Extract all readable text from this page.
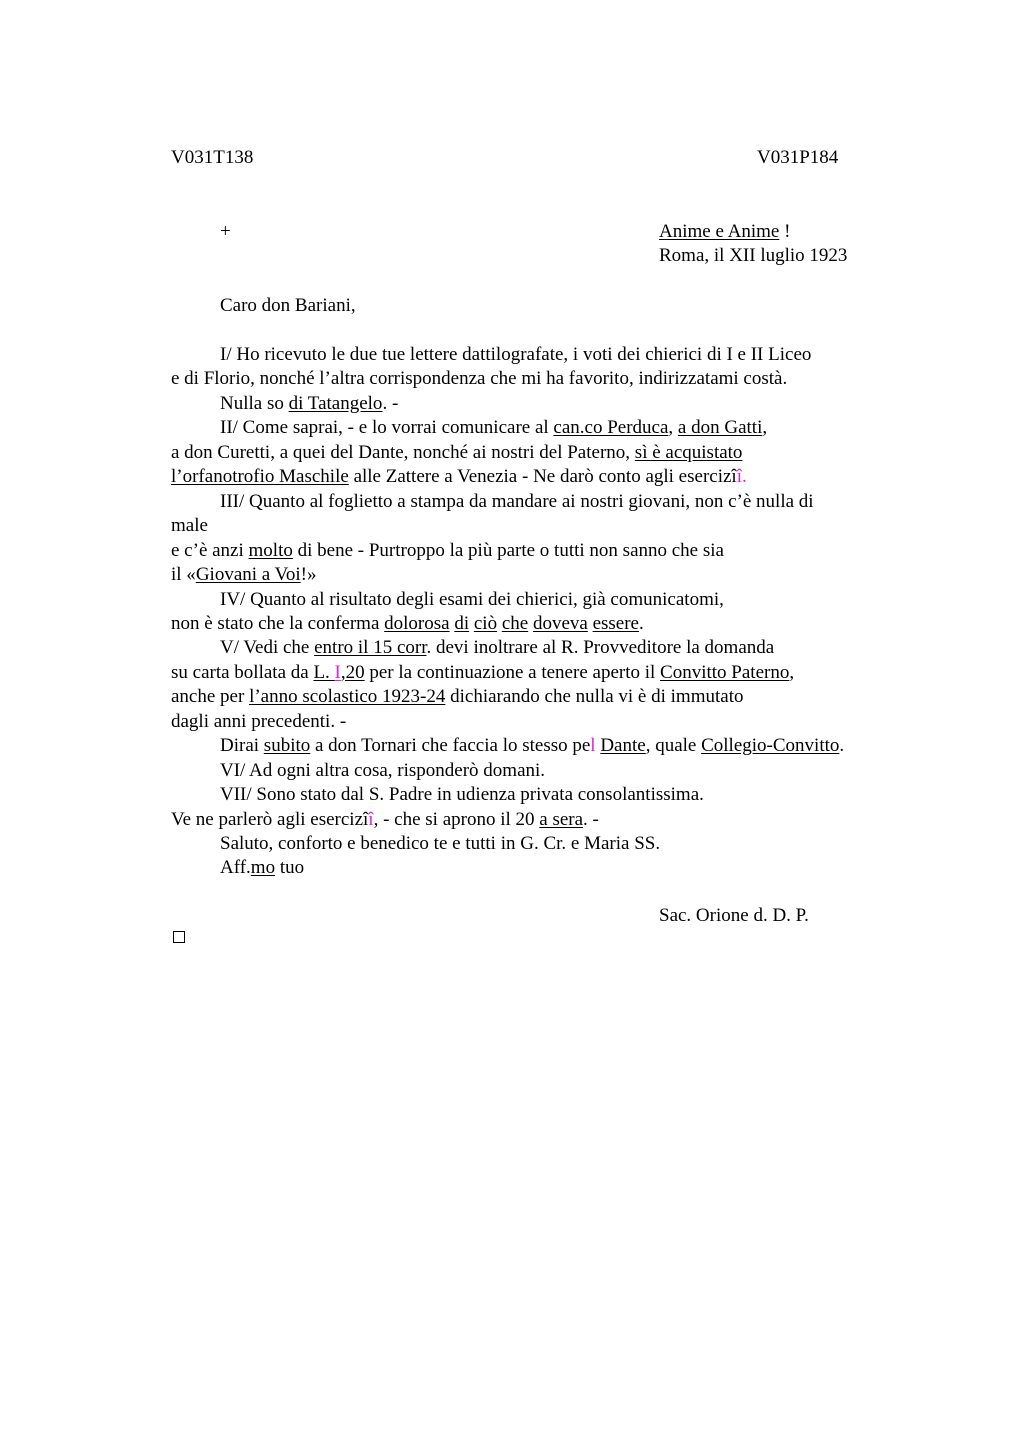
V031T138	V031P184
+	Anime e Anime !
Roma, il XII luglio 1923
Caro don Bariani,
I/ Ho ricevuto le due tue lettere dattilografate, i voti dei chierici di I e II Liceo
e di Florio, nonché l’altra corrispondenza che mi ha favorito, indirizzatami costà.
Nulla so di Tatangelo. -
II/ Come saprai, - e lo vorrai comunicare al can.co Perduca, a don Gatti,
a don Curetti, a quei del Dante, nonché ai nostri del Paterno, sì è acquistato
l’orfanotrofio Maschile alle Zattere a Venezia - Ne darò conto agli esercizîî.
III/ Quanto al foglietto a stampa da mandare ai nostri giovani, non c’è nulla di
male
e c’è anzi molto di bene - Purtroppo la più parte o tutti non sanno che sia
il «Giovani a Voi!»
IV/ Quanto al risultato degli esami dei chierici, già comunicatomi,
non è stato che la conferma dolorosa di ciò che doveva essere.
V/ Vedi che entro il 15 corr. devi inoltrare al R. Provveditore la domanda
su carta bollata da L. I,20 per la continuazione a tenere aperto il Convitto Paterno,
anche per l’anno scolastico 1923-24 dichiarando che nulla vi è di immutato
dagli anni precedenti. -
Dirai subito a don Tornari che faccia lo stesso pel Dante, quale Collegio-Convitto.
VI/ Ad ogni altra cosa, risponderò domani.
VII/ Sono stato dal S. Padre in udienza privata consolantissima.
Ve ne parlerò agli esercizîî, - che si aprono il 20 a sera. -
Saluto, conforto e benedico te e tutti in G. Cr. e Maria SS.
Aff.mo tuo
Sac. Orione d. D. P.
